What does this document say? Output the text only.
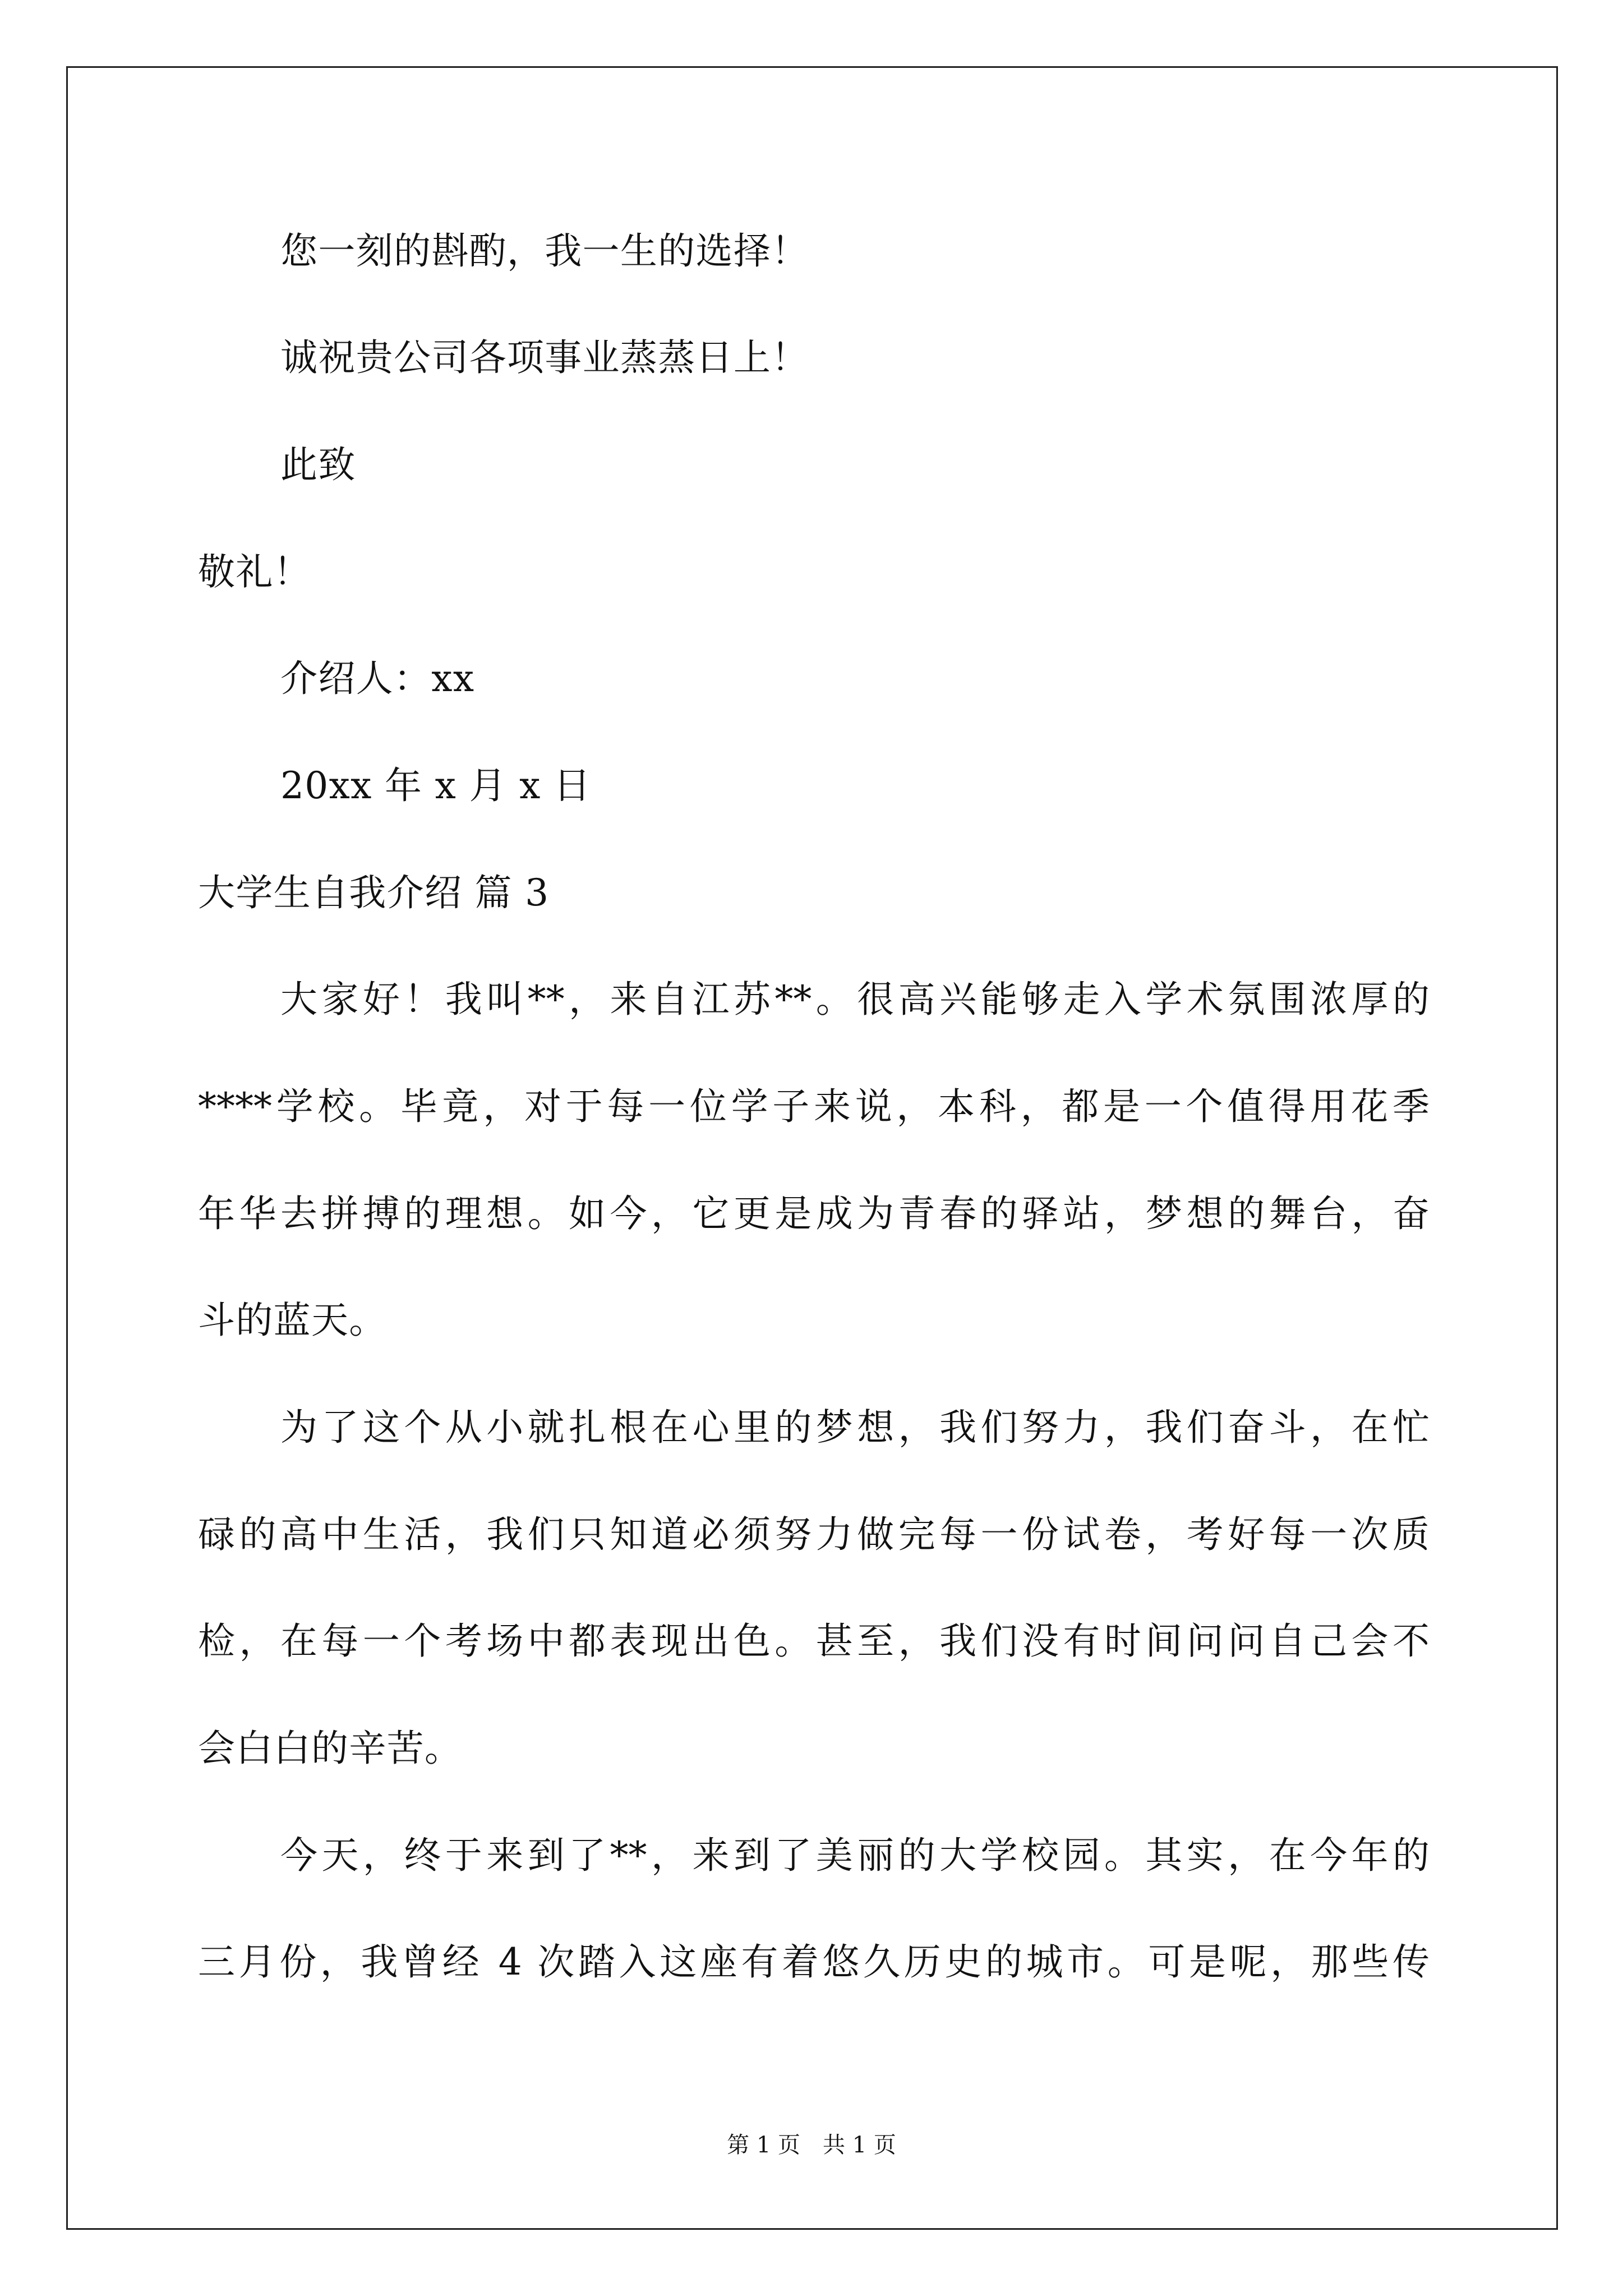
您一刻的斟酌，我一生的选择！

诚祝贵公司各项事业蒸蒸日上！

此致

敬礼！

介绍人：xx

20xx 年 x 月 x 日

大学生自我介绍 篇 3

大家好！我叫**，来自江苏**。很高兴能够走入学术氛围浓厚的

****学校。毕竟，对于每一位学子来说，本科，都是一个值得用花季

年华去拼搏的理想。如今，它更是成为青春的驿站，梦想的舞台，奋

斗的蓝天。

为了这个从小就扎根在心里的梦想，我们努力，我们奋斗，在忙

碌的高中生活，我们只知道必须努力做完每一份试卷，考好每一次质

检，在每一个考场中都表现出色。甚至，我们没有时间问问自己会不

会白白的辛苦。

今天，终于来到了**，来到了美丽的大学校园。其实，在今年的

三月份，我曾经 4 次踏入这座有着悠久历史的城市。可是呢，那些传

第 1 页　共 1 页
